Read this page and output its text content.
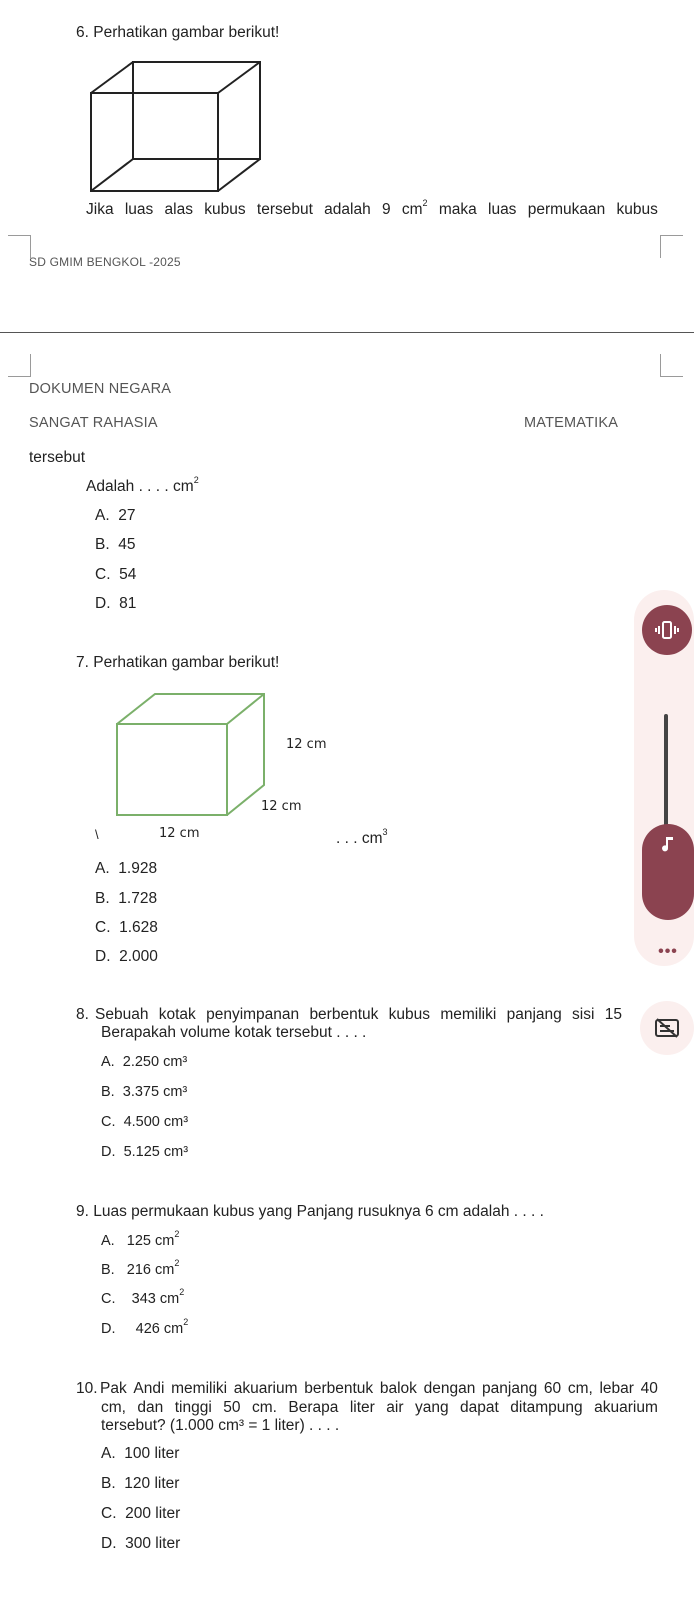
6. Perhatikan gambar berikut!
Jika luas alas kubus tersebut adalah 9 $cm^2$ maka luas permukaan kubus
SD GMIM BENGKOL -2025
DOKUMEN NEGARA
SANGAT RAHASIA	MATEMATIKA
tersebut
Adalah . . . . $cm^2$
A. 27
B. 45
C. 54
D. 81
7. Perhatikan gambar berikut!
12 cm
12 cm
12 cm
\	. . . $cm^3$
A. 1.928
B. 1.728
C. 1.628
D. 2.000
8. Sebuah kotak penyimpanan berbentuk kubus memiliki panjang sisi 15
Berapakah volume kotak tersebut . . . .
A. 2.250 cm³
B. 3.375 cm³
C. 4.500 cm³
D. 5.125 cm³
9. Luas permukaan kubus yang Panjang rusuknya 6 cm adalah . . . .
A. 125 $cm^2$
B. 216 $cm^2$
C. 343 $cm^2$
D. 426 $cm^2$
10. Pak Andi memiliki akuarium berbentuk balok dengan panjang 60 cm, lebar 40
cm, dan tinggi 50 cm. Berapa liter air yang dapat ditampung akuarium
tersebut? (1.000 cm³ = 1 liter) . . . .
A. 100 liter
B. 120 liter
C. 200 liter
D. 300 liter
•••
